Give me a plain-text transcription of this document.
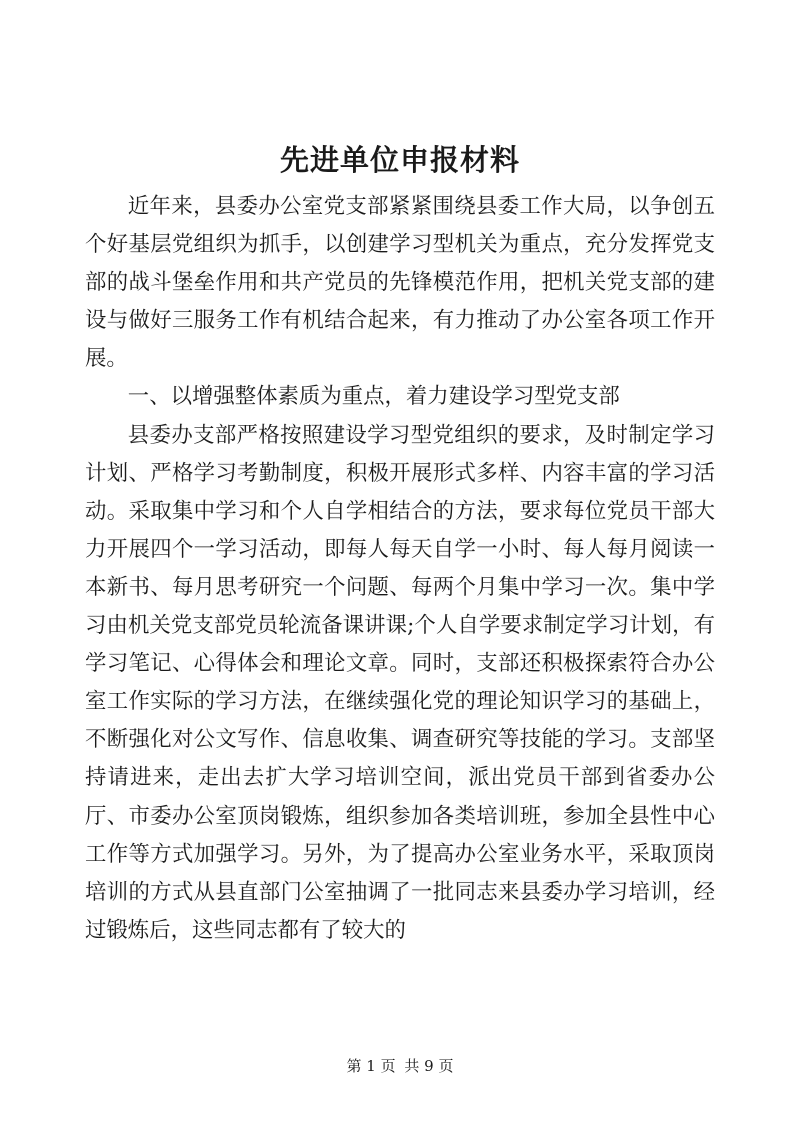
先进单位申报材料

近年来，县委办公室党支部紧紧围绕县委工作大局，以争创五个好基层党组织为抓手，以创建学习型机关为重点，充分发挥党支部的战斗堡垒作用和共产党员的先锋模范作用，把机关党支部的建设与做好三服务工作有机结合起来，有力推动了办公室各项工作开展。

一、以增强整体素质为重点，着力建设学习型党支部

县委办支部严格按照建设学习型党组织的要求，及时制定学习计划、严格学习考勤制度，积极开展形式多样、内容丰富的学习活动。采取集中学习和个人自学相结合的方法，要求每位党员干部大力开展四个一学习活动，即每人每天自学一小时、每人每月阅读一本新书、每月思考研究一个问题、每两个月集中学习一次。集中学习由机关党支部党员轮流备课讲课;个人自学要求制定学习计划，有学习笔记、心得体会和理论文章。同时，支部还积极探索符合办公室工作实际的学习方法，在继续强化党的理论知识学习的基础上，不断强化对公文写作、信息收集、调查研究等技能的学习。支部坚持请进来，走出去扩大学习培训空间，派出党员干部到省委办公厅、市委办公室顶岗锻炼，组织参加各类培训班，参加全县性中心工作等方式加强学习。另外，为了提高办公室业务水平，采取顶岗培训的方式从县直部门公室抽调了一批同志来县委办学习培训，经过锻炼后，这些同志都有了较大的

第 1 页 共 9 页
